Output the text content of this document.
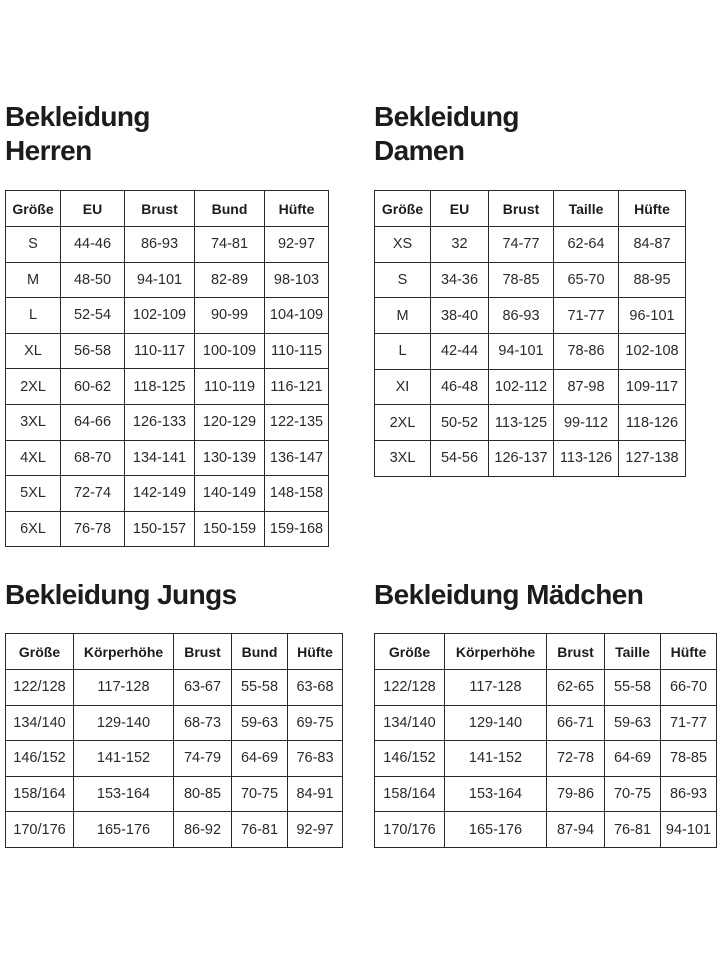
Bekleidung
Herren
Größe	EU	Brust	Bund	Hüfte
S	44-46	86-93	74-81	92-97
M	48-50	94-101	82-89	98-103
L	52-54	102-109	90-99	104-109
XL	56-58	110-117	100-109	110-115
2XL	60-62	118-125	110-119	116-121
3XL	64-66	126-133	120-129	122-135
4XL	68-70	134-141	130-139	136-147
5XL	72-74	142-149	140-149	148-158
6XL	76-78	150-157	150-159	159-168
Bekleidung
Damen
Größe	EU	Brust	Taille	Hüfte
XS	32	74-77	62-64	84-87
S	34-36	78-85	65-70	88-95
M	38-40	86-93	71-77	96-101
L	42-44	94-101	78-86	102-108
XI	46-48	102-112	87-98	109-117
2XL	50-52	113-125	99-112	118-126
3XL	54-56	126-137	113-126	127-138
Bekleidung Jungs
Größe	Körperhöhe	Brust	Bund	Hüfte
122/128	117-128	63-67	55-58	63-68
134/140	129-140	68-73	59-63	69-75
146/152	141-152	74-79	64-69	76-83
158/164	153-164	80-85	70-75	84-91
170/176	165-176	86-92	76-81	92-97
Bekleidung Mädchen
Größe	Körperhöhe	Brust	Taille	Hüfte
122/128	117-128	62-65	55-58	66-70
134/140	129-140	66-71	59-63	71-77
146/152	141-152	72-78	64-69	78-85
158/164	153-164	79-86	70-75	86-93
170/176	165-176	87-94	76-81	94-101
